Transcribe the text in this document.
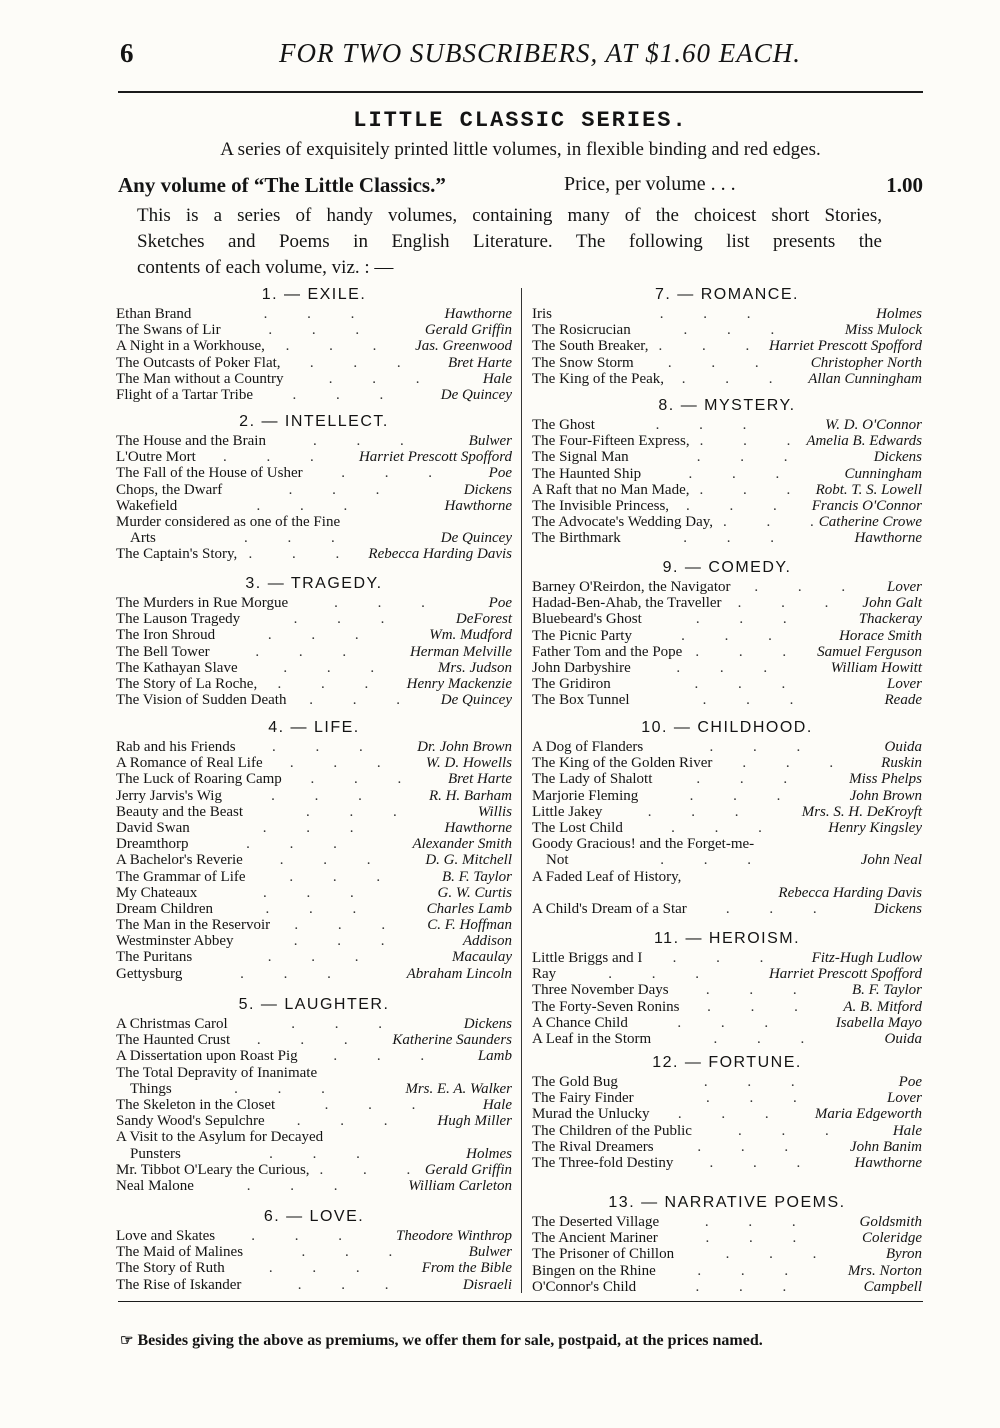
6	FOR TWO SUBSCRIBERS, AT $1.60 EACH.
LITTLE CLASSIC SERIES.
A series of exquisitely printed little volumes, in flexible binding and red edges.
Any volume of “The Little Classics.”	Price, per volume . . .	1.00
This is a series of handy volumes, containing many of the choicest short Stories,
Sketches and Poems in English Literature. The following list presents the
contents of each volume, viz. : —
1. — EXILE.
. . .
Ethan Brand	Hawthorne
. . .
The Swans of Lir	Gerald Griffin
. . .
A Night in a Workhouse,	Jas. Greenwood
. . .
The Outcasts of Poker Flat,	Bret Harte
. . .
The Man without a Country	Hale
. . .
Flight of a Tartar Tribe	De Quincey
2. — INTELLECT.
. . .
The House and the Brain	Bulwer
. . .
L'Outre Mort	Harriet Prescott Spofford
. . .
The Fall of the House of Usher	Poe
. . .
Chops, the Dwarf	Dickens
. . .
Wakefield	Hawthorne
Murder considered as one of the Fine
. . .
Arts	De Quincey
. . .
The Captain's Story,	Rebecca Harding Davis
3. — TRAGEDY.
. . .
The Murders in Rue Morgue	Poe
. . .
The Lauson Tragedy	DeForest
. . .
The Iron Shroud	Wm. Mudford
. . .
The Bell Tower	Herman Melville
. . .
The Kathayan Slave	Mrs. Judson
. . .
The Story of La Roche,	Henry Mackenzie
. . .
The Vision of Sudden Death	De Quincey
4. — LIFE.
. . .
Rab and his Friends	Dr. John Brown
. . .
A Romance of Real Life	W. D. Howells
. . .
The Luck of Roaring Camp	Bret Harte
. . .
Jerry Jarvis's Wig	R. H. Barham
. . .
Beauty and the Beast	Willis
. . .
David Swan	Hawthorne
. . .
Dreamthorp	Alexander Smith
. . .
A Bachelor's Reverie	D. G. Mitchell
. . .
The Grammar of Life	B. F. Taylor
. . .
My Chateaux	G. W. Curtis
. . .
Dream Children	Charles Lamb
. . .
The Man in the Reservoir	C. F. Hoffman
. . .
Westminster Abbey	Addison
. . .
The Puritans	Macaulay
. . .
Gettysburg	Abraham Lincoln
5. — LAUGHTER.
. . .
A Christmas Carol	Dickens
. . .
The Haunted Crust	Katherine Saunders
. . .
A Dissertation upon Roast Pig	Lamb
The Total Depravity of Inanimate
. . .
Things	Mrs. E. A. Walker
. . .
The Skeleton in the Closet	Hale
. . .
Sandy Wood's Sepulchre	Hugh Miller
A Visit to the Asylum for Decayed
. . .
Punsters	Holmes
. . .
Mr. Tibbot O'Leary the Curious,	Gerald Griffin
. . .
Neal Malone	William Carleton
6. — LOVE.
. . .
Love and Skates	Theodore Winthrop
. . .
The Maid of Malines	Bulwer
. . .
The Story of Ruth	From the Bible
. . .
The Rise of Iskander	Disraeli
7. — ROMANCE.
. . .
Iris	Holmes
. . .
The Rosicrucian	Miss Mulock
. . .
The South Breaker,	Harriet Prescott Spofford
. . .
The Snow Storm	Christopher North
. . .
The King of the Peak,	Allan Cunningham
8. — MYSTERY.
. . .
The Ghost	W. D. O'Connor
. . .
The Four-Fifteen Express,	Amelia B. Edwards
. . .
The Signal Man	Dickens
. . .
The Haunted Ship	Cunningham
. . .
A Raft that no Man Made,	Robt. T. S. Lowell
. . .
The Invisible Princess,	Francis O'Connor
. . .
The Advocate's Wedding Day,	Catherine Crowe
. . .
The Birthmark	Hawthorne
9. — COMEDY.
. . .
Barney O'Reirdon, the Navigator	Lover
. . .
Hadad-Ben-Ahab, the Traveller	John Galt
. . .
Bluebeard's Ghost	Thackeray
. . .
The Picnic Party	Horace Smith
. . .
Father Tom and the Pope	Samuel Ferguson
. . .
John Darbyshire	William Howitt
. . .
The Gridiron	Lover
. . .
The Box Tunnel	Reade
10. — CHILDHOOD.
. . .
A Dog of Flanders	Ouida
. . .
The King of the Golden River	Ruskin
. . .
The Lady of Shalott	Miss Phelps
. . .
Marjorie Fleming	John Brown
. . .
Little Jakey	Mrs. S. H. DeKroyft
. . .
The Lost Child	Henry Kingsley
Goody Gracious! and the Forget-me-
. . .
Not	John Neal
A Faded Leaf of History,
Rebecca Harding Davis
. . .
A Child's Dream of a Star	Dickens
11. — HEROISM.
. . .
Little Briggs and I	Fitz-Hugh Ludlow
. . .
Ray	Harriet Prescott Spofford
. . .
Three November Days	B. F. Taylor
. . .
The Forty-Seven Ronins	A. B. Mitford
. . .
A Chance Child	Isabella Mayo
. . .
A Leaf in the Storm	Ouida
12. — FORTUNE.
. . .
The Gold Bug	Poe
. . .
The Fairy Finder	Lover
. . .
Murad the Unlucky	Maria Edgeworth
. . .
The Children of the Public	Hale
. . .
The Rival Dreamers	John Banim
. . .
The Three-fold Destiny	Hawthorne
13. — NARRATIVE POEMS.
. . .
The Deserted Village	Goldsmith
. . .
The Ancient Mariner	Coleridge
. . .
The Prisoner of Chillon	Byron
. . .
Bingen on the Rhine	Mrs. Norton
. . .
O'Connor's Child	Campbell
☞ Besides giving the above as premiums, we offer them for sale, postpaid, at the prices named.
